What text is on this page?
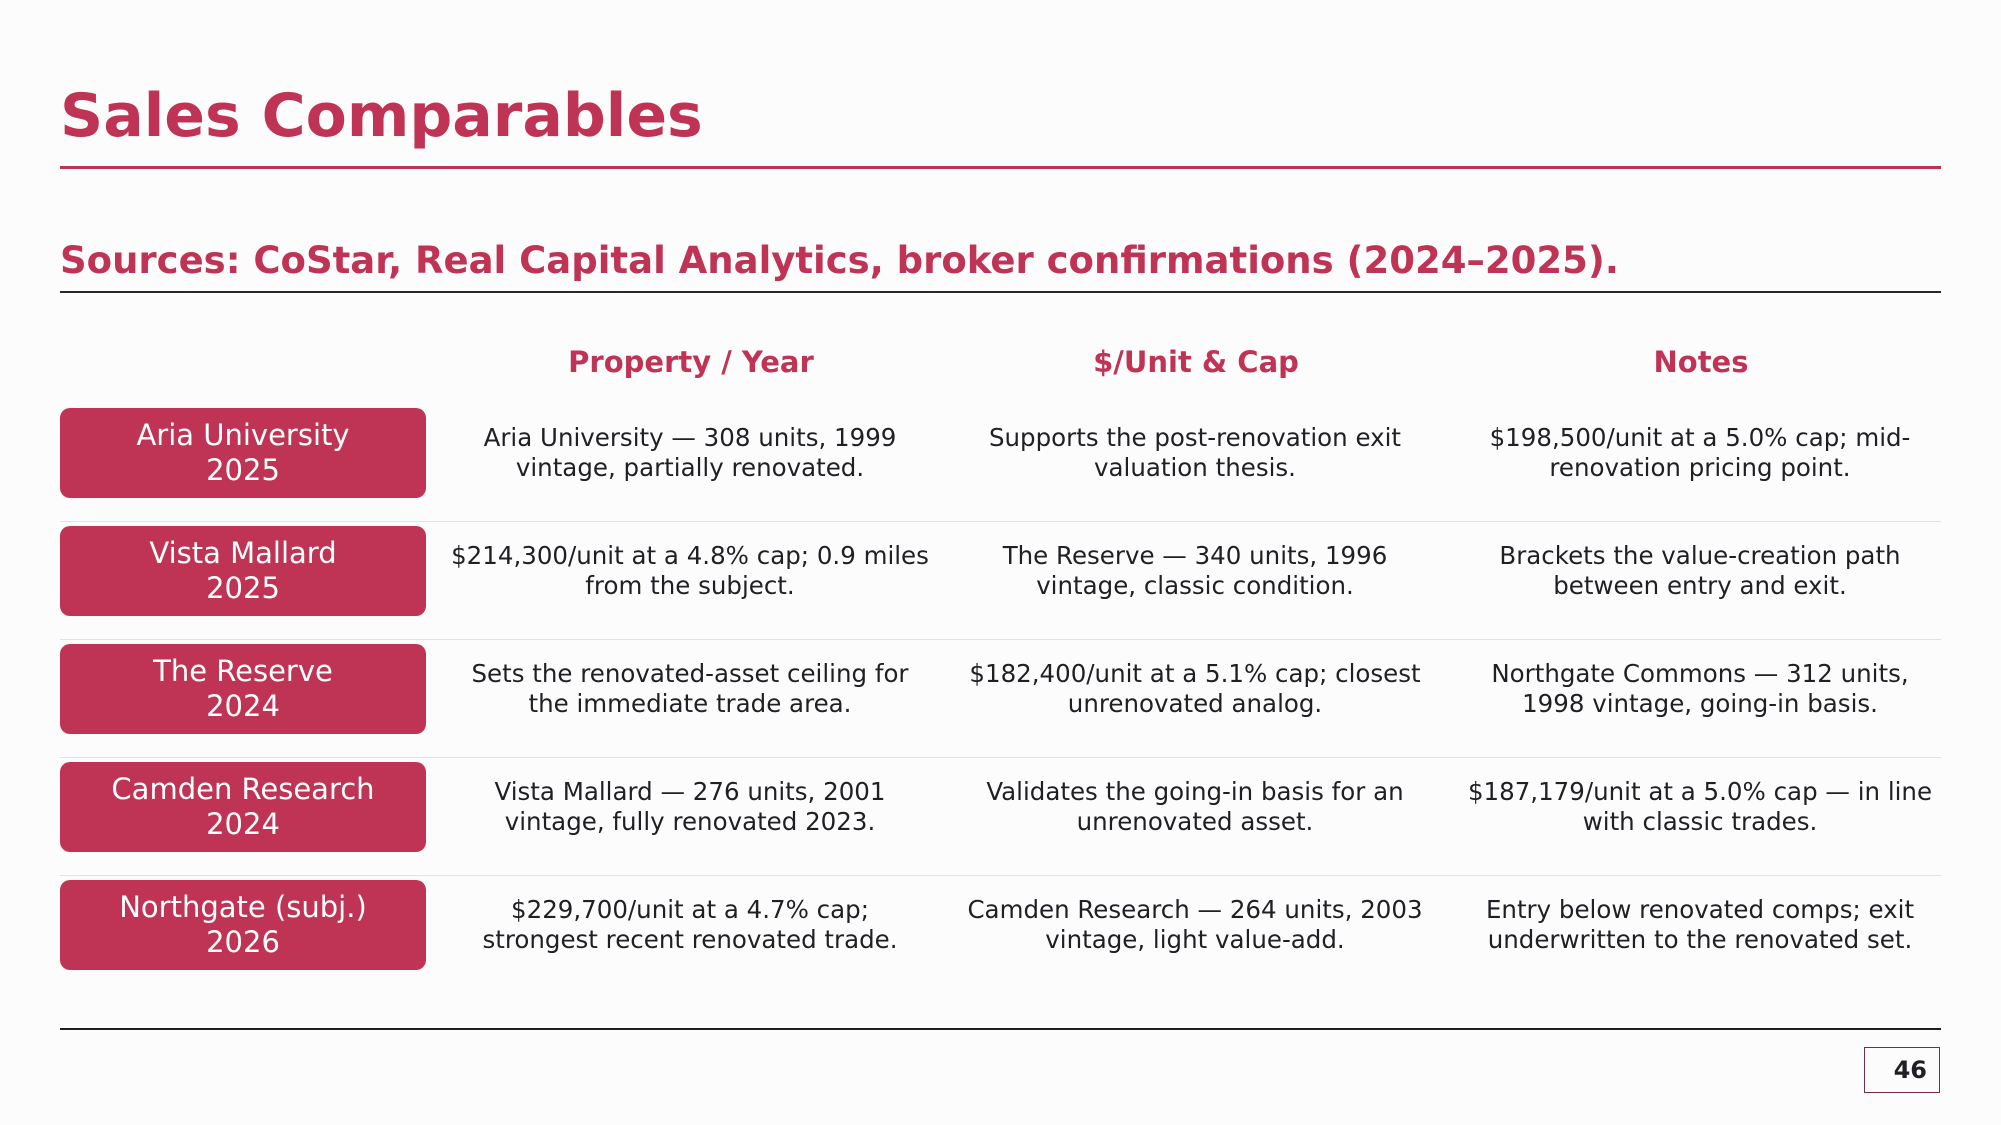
Sales Comparables

Sources: CoStar, Real Capital Analytics, broker confirmations (2024–2025).

Property / Year	$/Unit & Cap	Notes
Aria University
2025
Aria University — 308 units, 1999 vintage, partially renovated.
Supports the post-renovation exit valuation thesis.
$198,500/unit at a 5.0% cap; mid-renovation pricing point.
Vista Mallard
2025
$214,300/unit at a 4.8% cap; 0.9 miles from the subject.
The Reserve — 340 units, 1996 vintage, classic condition.
Brackets the value-creation path between entry and exit.
The Reserve
2024
Sets the renovated-asset ceiling for the immediate trade area.
$182,400/unit at a 5.1% cap; closest unrenovated analog.
Northgate Commons — 312 units, 1998 vintage, going-in basis.
Camden Research
2024
Vista Mallard — 276 units, 2001 vintage, fully renovated 2023.
Validates the going-in basis for an unrenovated asset.
$187,179/unit at a 5.0% cap — in line with classic trades.
Northgate (subj.)
2026
$229,700/unit at a 4.7% cap; strongest recent renovated trade.
Camden Research — 264 units, 2003 vintage, light value-add.
Entry below renovated comps; exit underwritten to the renovated set.
46
